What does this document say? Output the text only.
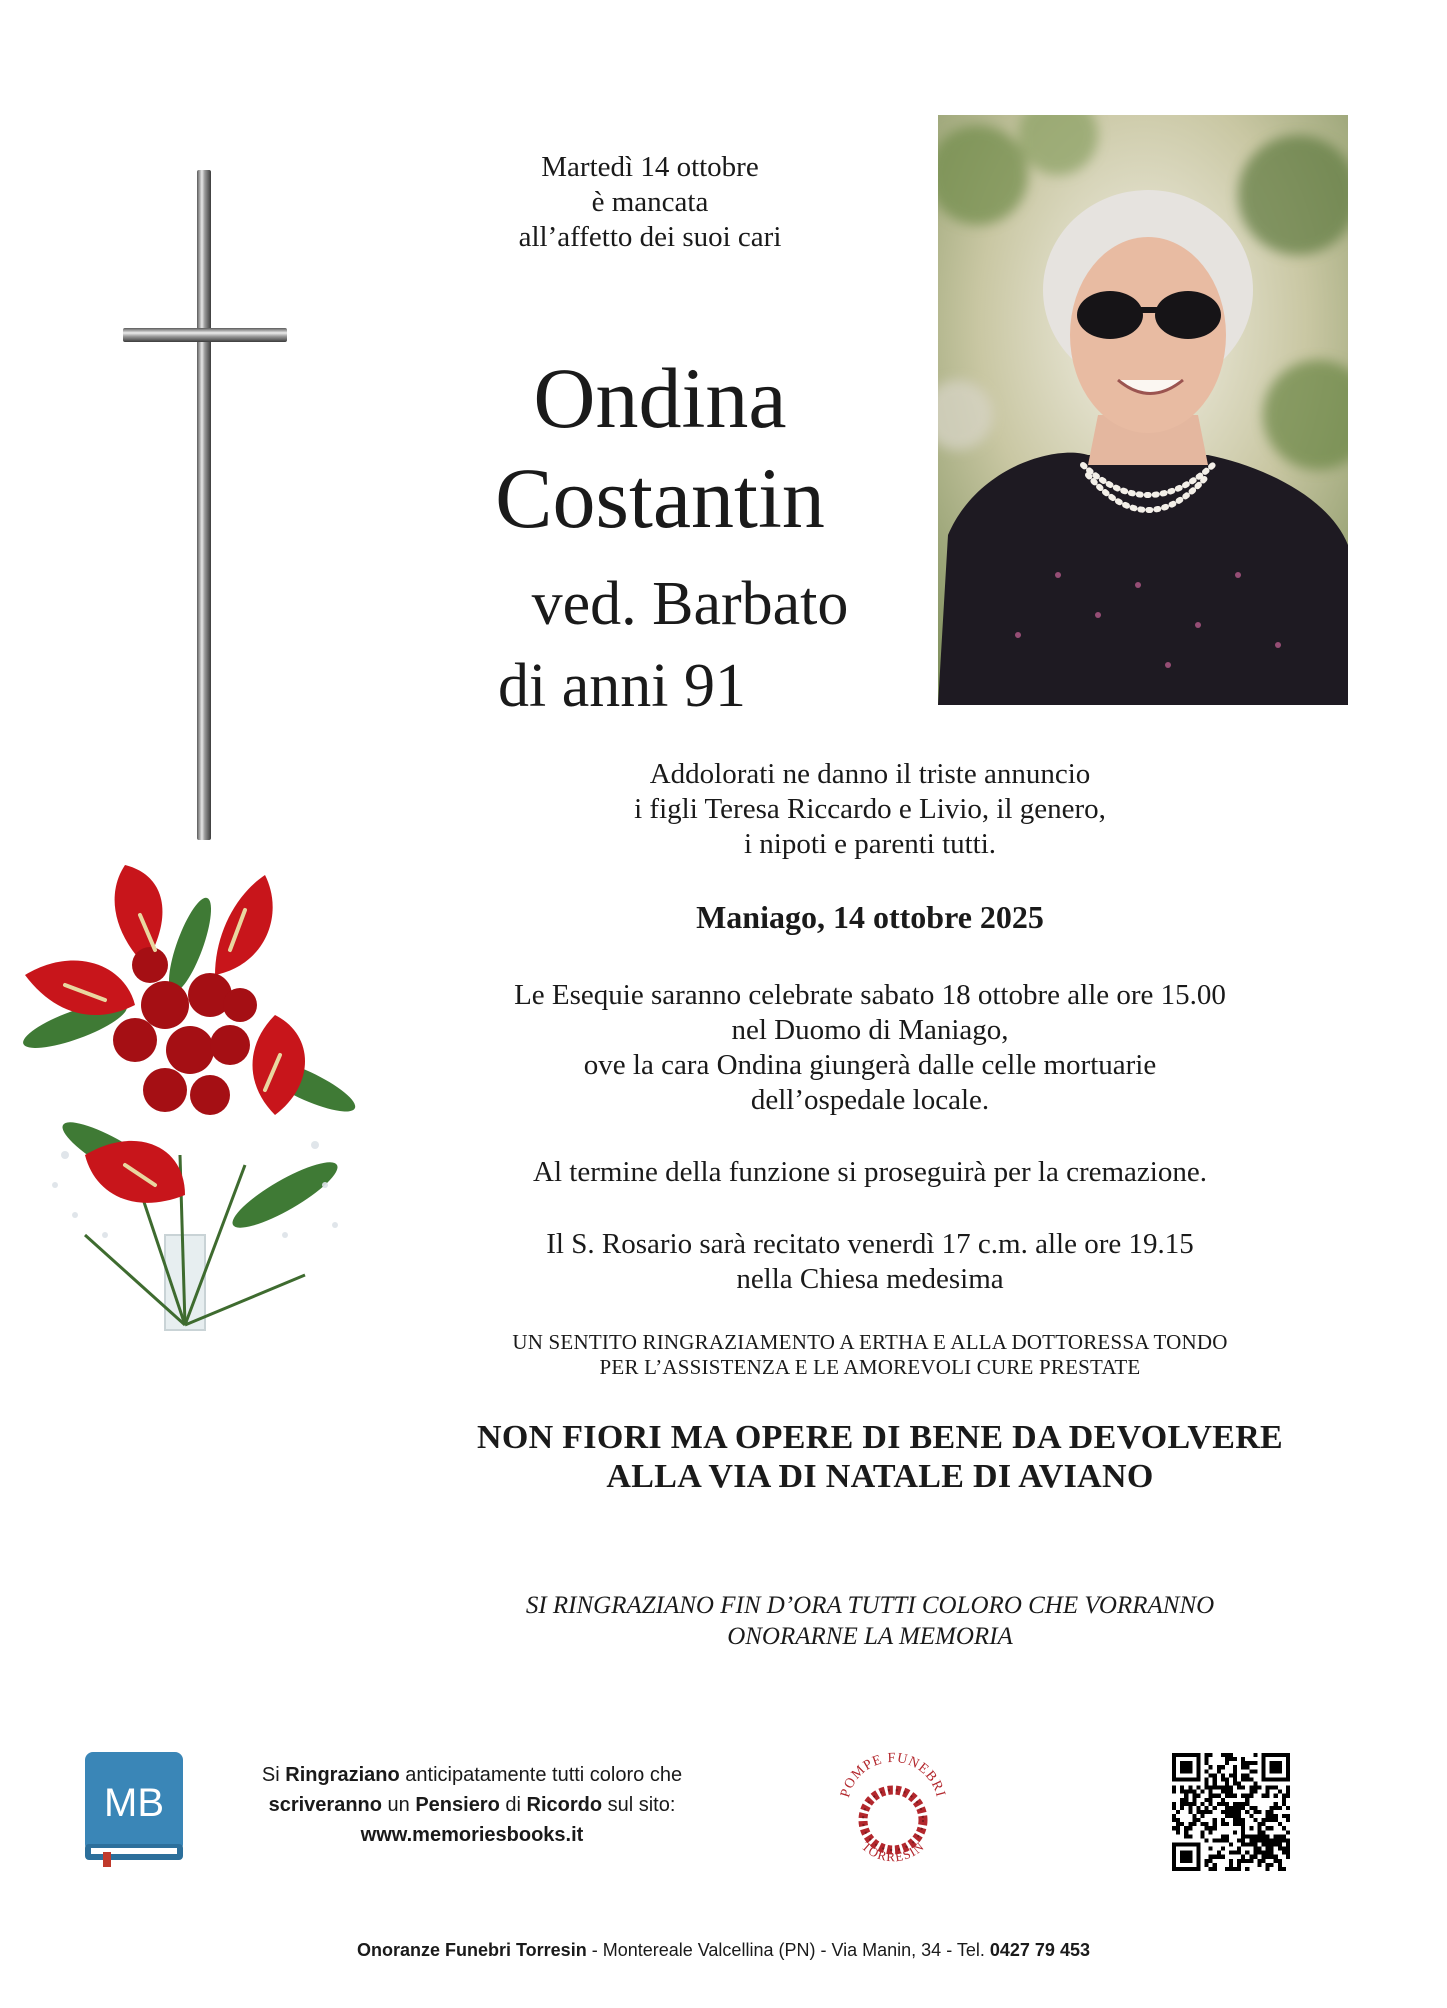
Martedì 14 ottobre
è mancata
all’affetto dei suoi cari
Ondina
Costantin
ved. Barbato
di anni 91
Addolorati ne danno il triste annuncio
i figli Teresa Riccardo e Livio, il genero,
i nipoti e parenti tutti.
Maniago, 14 ottobre 2025
Le Esequie saranno celebrate sabato 18 ottobre alle ore 15.00
nel Duomo di Maniago,
ove la cara Ondina giungerà dalle celle mortuarie
dell’ospedale locale.
Al termine della funzione si proseguirà per la cremazione.
Il S. Rosario sarà recitato venerdì 17 c.m. alle ore 19.15
nella Chiesa medesima
UN SENTITO RINGRAZIAMENTO A ERTHA E ALLA DOTTORESSA TONDO
PER L’ASSISTENZA E LE AMOREVOLI CURE PRESTATE
NON FIORI MA OPERE DI BENE DA DEVOLVERE
ALLA VIA DI NATALE DI AVIANO
SI RINGRAZIANO FIN D’ORA TUTTI COLORO CHE VORRANNO
ONORARNE LA MEMORIA
MB
Si Ringraziano anticipatamente tutti coloro che
scriveranno un Pensiero di Ricordo sul sito:
www.memoriesbooks.it
POMPE FUNEBRI
TORRESIN
Onoranze Funebri Torresin - Montereale Valcellina (PN) - Via Manin, 34 - Tel. 0427 79 453
